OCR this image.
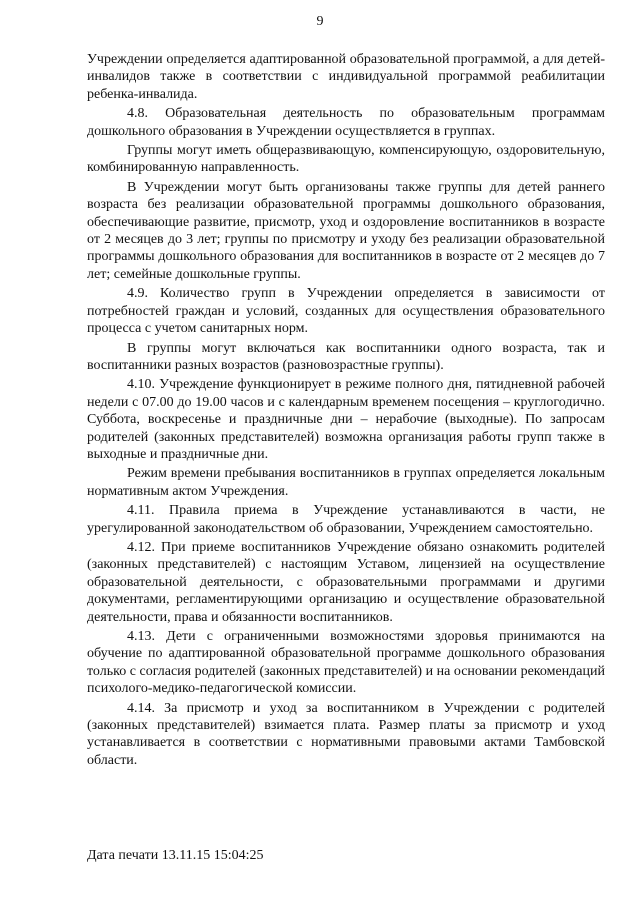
9

Учреждении определяется адаптированной образовательной программой, а для детей-инвалидов также в соответствии с индивидуальной программой реабилитации ребенка-инвалида.

4.8. Образовательная деятельность по образовательным программам дошкольного образования в Учреждении осуществляется в группах.

Группы могут иметь общеразвивающую, компенсирующую, оздоровительную, комбинированную направленность.

В Учреждении могут быть организованы также группы для детей раннего возраста без реализации образовательной программы дошкольного образования, обеспечивающие развитие, присмотр, уход и оздоровление воспитанников в возрасте от 2 месяцев до 3 лет; группы по присмотру и уходу без реализации образовательной программы дошкольного образования для воспитанников в возрасте от 2 месяцев до 7 лет; семейные дошкольные группы.

4.9. Количество групп в Учреждении определяется в зависимости от потребностей граждан и условий, созданных для осуществления образовательного процесса с учетом санитарных норм.

В группы могут включаться как воспитанники одного возраста, так и воспитанники разных возрастов (разновозрастные группы).

4.10. Учреждение функционирует в режиме полного дня, пятидневной рабочей недели с 07.00 до 19.00 часов и с календарным временем посещения – круглогодично. Суббота, воскресенье и праздничные дни – нерабочие (выходные). По запросам родителей (законных представителей) возможна организация работы групп также в выходные и праздничные дни.

Режим времени пребывания воспитанников в группах определяется локальным нормативным актом Учреждения.

4.11. Правила приема в Учреждение устанавливаются в части, не урегулированной законодательством об образовании, Учреждением самостоятельно.

4.12. При приеме воспитанников Учреждение обязано ознакомить родителей (законных представителей) с настоящим Уставом, лицензией на осуществление образовательной деятельности, с образовательными программами и другими документами, регламентирующими организацию и осуществление образовательной деятельности, права и обязанности воспитанников.

4.13. Дети с ограниченными возможностями здоровья принимаются на обучение по адаптированной образовательной программе дошкольного образования только с согласия родителей (законных представителей) и на основании рекомендаций психолого-медико-педагогической комиссии.

4.14. За присмотр и уход за воспитанником в Учреждении с родителей (законных представителей) взимается плата. Размер платы за присмотр и уход устанавливается в соответствии с нормативными правовыми актами Тамбовской области.

Дата печати 13.11.15 15:04:25
